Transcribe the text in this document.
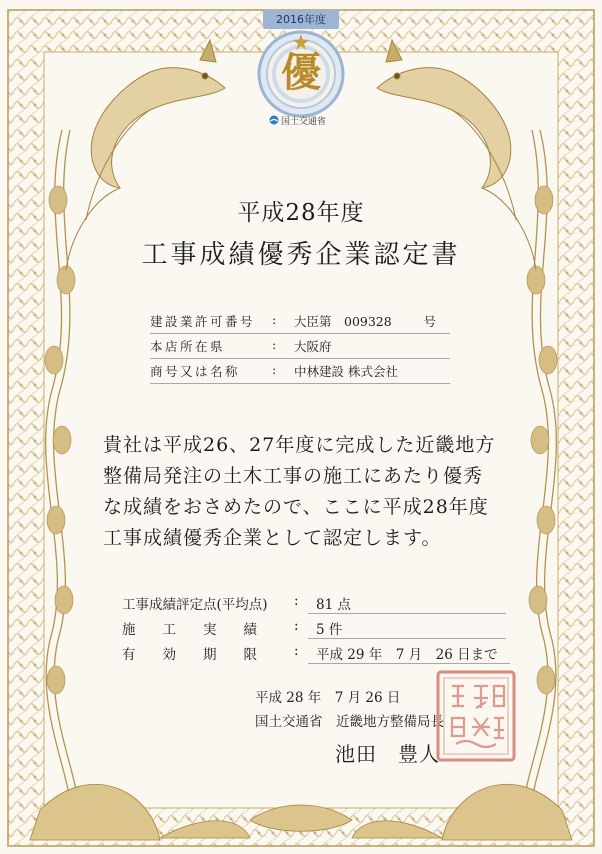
2016年度
優
国土交通省
平成28年度
工事成績優秀企業認定書
建設業許可番号	: 大臣第　009328	号
本店所在県	: 大阪府
商号又は名称	: 中林建設 株式会社
貴社は平成26、27年度に完成した近畿地方
整備局発注の土木工事の施工にあたり優秀
な成績をおさめたので、ここに平成28年度
工事成績優秀企業として認定します。
工事成績評定点(平均点)	: 81 点
施　　工　　実　　績	: 5 件
有　　効　　期　　限	: 平成 29 年　7 月　26 日まで
平成 28 年　7 月 26 日
国土交通省　近畿地方整備局長
池田　豊人
